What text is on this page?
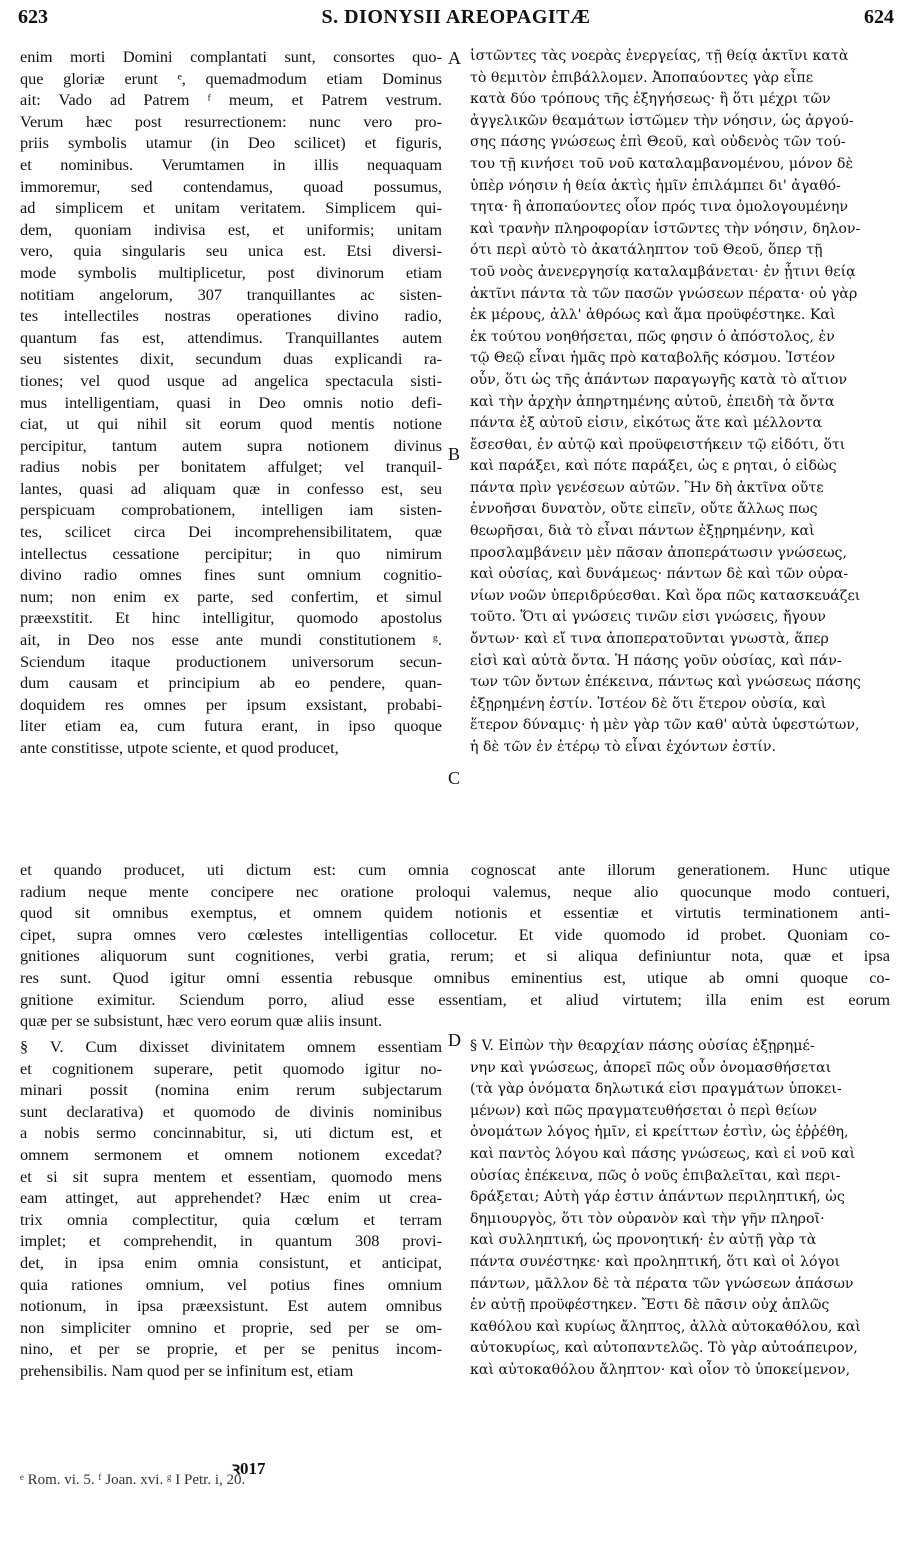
623	S. DIONYSII AREOPAGITÆ	624
A
B
C
D
enim morti Domini complantati sunt, consortes quo-
que gloriæ erunt ᵉ, quemadmodum etiam Dominus
ait: Vado ad Patrem ᶠ meum, et Patrem vestrum.
Verum hæc post resurrectionem: nunc vero pro-
priis symbolis utamur (in Deo scilicet) et figuris,
et nominibus. Verumtamen in illis nequaquam
immoremur, sed contendamus, quoad possumus,
ad simplicem et unitam veritatem. Simplicem qui-
dem, quoniam indivisa est, et uniformis; unitam
vero, quia singularis seu unica est. Etsi diversi-
mode symbolis multiplicetur, post divinorum etiam
notitiam angelorum, 307 tranquillantes ac sisten-
tes intellectiles nostras operationes divino radio,
quantum fas est, attendimus. Tranquillantes autem
seu sistentes dixit, secundum duas explicandi ra-
tiones; vel quod usque ad angelica spectacula sisti-
mus intelligentiam, quasi in Deo omnis notio defi-
ciat, ut qui nihil sit eorum quod mentis notione
percipitur, tantum autem supra notionem divinus
radius nobis per bonitatem affulget; vel tranquil-
lantes, quasi ad aliquam quæ in confesso est, seu
perspicuam comprobationem, intelligen iam sisten-
tes, scilicet circa Dei incomprehensibilitatem, quæ
intellectus cessatione percipitur; in quo nimirum
divino radio omnes fines sunt omnium cognitio-
num; non enim ex parte, sed confertim, et simul
præexstitit. Et hinc intelligitur, quomodo apostolus
ait, in Deo nos esse ante mundi constitutionem ᵍ.
Sciendum itaque productionem universorum secun-
dum causam et principium ab eo pendere, quan-
doquidem res omnes per ipsum exsistant, probabi-
liter etiam ea, cum futura erant, in ipso quoque
ante constitisse, utpote sciente, et quod producet,
ἱστῶντες τὰς νοερὰς ἐνεργείας, τῇ θείᾳ ἀκτῖνι κατὰ
τὸ θεμιτὸν ἐπιβάλλομεν. Ἀποπαύοντες γὰρ εἶπε
κατὰ δύο τρόπους τῆς ἐξηγήσεως· ἢ ὅτι μέχρι τῶν
ἀγγελικῶν θεαμάτων ἱστῶμεν τὴν νόησιν, ὡς ἀργού-
σης πάσης γνώσεως ἐπὶ Θεοῦ, καὶ οὐδενὸς τῶν τού-
του τῇ κινήσει τοῦ νοῦ καταλαμβανομένου, μόνον δὲ
ὑπὲρ νόησιν ἡ θεία ἀκτὶς ἡμῖν ἐπιλάμπει δι' ἀγαθό-
τητα· ἢ ἀποπαύοντες οἷον πρός τινα ὁμολογουμένην
καὶ τρανὴν πληροφορίαν ἱστῶντες τὴν νόησιν, δηλον-
ότι περὶ αὐτὸ τὸ ἀκατάληπτον τοῦ Θεοῦ, ὅπερ τῇ
τοῦ νοὸς ἀνενεργησίᾳ καταλαμβάνεται· ἐν ᾗτινι θείᾳ
ἀκτῖνι πάντα τὰ τῶν πασῶν γνώσεων πέρατα· οὐ γὰρ
ἐκ μέρους, ἀλλ' ἀθρόως καὶ ἅμα προϋφέστηκε. Καὶ
ἐκ τούτου νοηθήσεται, πῶς φησιν ὁ ἀπόστολος, ἐν
τῷ Θεῷ εἶναι ἡμᾶς πρὸ καταβολῆς κόσμου. Ἰστέον
οὖν, ὅτι ὡς τῆς ἁπάντων παραγωγῆς κατὰ τὸ αἴτιον
καὶ τὴν ἀρχὴν ἀπηρτημένης αὐτοῦ, ἐπειδὴ τὰ ὄντα
πάντα ἐξ αὐτοῦ εἰσιν, εἰκότως ἅτε καὶ μέλλοντα
ἔσεσθαι, ἐν αὐτῷ καὶ προϋφειστήκειν τῷ εἰδότι, ὅτι
καὶ παράξει, καὶ πότε παράξει, ὡς ε ρηται, ὁ εἰδὼς
πάντα πρὶν γενέσεων αὐτῶν. Ἣν δὴ ἀκτῖνα οὔτε
ἐννοῆσαι δυνατὸν, οὔτε εἰπεῖν, οὔτε ἄλλως πως
θεωρῆσαι, διὰ τὸ εἶναι πάντων ἐξῃρημένην, καὶ
προσλαμβάνειν μὲν πᾶσαν ἀποπεράτωσιν γνώσεως,
καὶ οὐσίας, καὶ δυνάμεως· πάντων δὲ καὶ τῶν οὐρα-
νίων νοῶν ὑπεριδρύεσθαι. Καὶ ὅρα πῶς κατασκευάζει
τοῦτο. Ὅτι αἱ γνώσεις τινῶν εἰσι γνώσεις, ἤγουν
ὄντων· καὶ εἴ τινα ἀποπερατοῦνται γνωστὰ, ἅπερ
εἰσὶ καὶ αὐτὰ ὄντα. Ἡ πάσης γοῦν οὐσίας, καὶ πάν-
των τῶν ὄντων ἐπέκεινα, πάντως καὶ γνώσεως πάσης
ἐξῃρημένη ἐστίν. Ἰστέον δὲ ὅτι ἕτερον οὐσία, καὶ
ἕτερον δύναμις· ἡ μὲν γὰρ τῶν καθ' αὐτὰ ὑφεστώτων,
ἡ δὲ τῶν ἐν ἑτέρῳ τὸ εἶναι ἐχόντων ἐστίν.
et quando producet, uti dictum est: cum omnia cognoscat ante illorum generationem. Hunc utique
radium neque mente concipere nec oratione proloqui valemus, neque alio quocunque modo contueri,
quod sit omnibus exemptus, et omnem quidem notionis et essentiæ et virtutis terminationem anti-
cipet, supra omnes vero cœlestes intelligentias collocetur. Et vide quomodo id probet. Quoniam co-
gnitiones aliquorum sunt cognitiones, verbi gratia, rerum; et si aliqua definiuntur nota, quæ et ipsa
res sunt. Quod igitur omni essentia rebusque omnibus eminentius est, utique ab omni quoque co-
gnitione eximitur. Sciendum porro, aliud esse essentiam, et aliud virtutem; illa enim est eorum
quæ per se subsistunt, hæc vero eorum quæ aliis insunt.
§ V. Cum dixisset divinitatem omnem essentiam
et cognitionem superare, petit quomodo igitur no-
minari possit (nomina enim rerum subjectarum
sunt declarativa) et quomodo de divinis nominibus
a nobis sermo concinnabitur, si, uti dictum est, et
omnem sermonem et omnem notionem excedat?
et si sit supra mentem et essentiam, quomodo mens
eam attinget, aut apprehendet? Hæc enim ut crea-
trix omnia complectitur, quia cœlum et terram
implet; et comprehendit, in quantum 308 provi-
det, in ipsa enim omnia consistunt, et anticipat,
quia rationes omnium, vel potius fines omnium
notionum, in ipsa præexsistunt. Est autem omnibus
non simpliciter omnino et proprie, sed per se om-
nino, et per se proprie, et per se penitus incom-
prehensibilis. Nam quod per se infinitum est, etiam
§ V. Εἰπὼν τὴν θεαρχίαν πάσης οὐσίας ἐξῃρημέ-
νην καὶ γνώσεως, ἀπορεῖ πῶς οὖν ὀνομασθήσεται
(τὰ γὰρ ὀνόματα δηλωτικά εἰσι πραγμάτων ὑποκει-
μένων) καὶ πῶς πραγματευθήσεται ὁ περὶ θείων
ὀνομάτων λόγος ἡμῖν, εἰ κρείττων ἐστὶν, ὡς ἐῤῥέθη,
καὶ παντὸς λόγου καὶ πάσης γνώσεως, καὶ εἰ νοῦ καὶ
οὐσίας ἐπέκεινα, πῶς ὁ νοῦς ἐπιβαλεῖται, καὶ περι-
δράξεται; Αὐτὴ γάρ ἐστιν ἁπάντων περιληπτική, ὡς
δημιουργὸς, ὅτι τὸν οὐρανὸν καὶ τὴν γῆν πληροῖ·
καὶ συλληπτική, ὡς προνοητική· ἐν αὐτῇ γὰρ τὰ
πάντα συνέστηκε· καὶ προληπτική, ὅτι καὶ οἱ λόγοι
πάντων, μᾶλλον δὲ τὰ πέρατα τῶν γνώσεων ἁπάσων
ἐν αὐτῇ προϋφέστηκεν. Ἔστι δὲ πᾶσιν οὐχ ἁπλῶς
καθόλου καὶ κυρίως ἄληπτος, ἀλλὰ αὐτοκαθόλου, καὶ
αὐτοκυρίως, καὶ αὐτοπαντελῶς. Τὸ γὰρ αὐτοάπειρον,
καὶ αὐτοκαθόλου ἄληπτον· καὶ οἷον τὸ ὑποκείμενον,
ꝛ017
ᵉ Rom. vi. 5. ᶠ Joan. xvi. ᵍ I Petr. i, 20.
